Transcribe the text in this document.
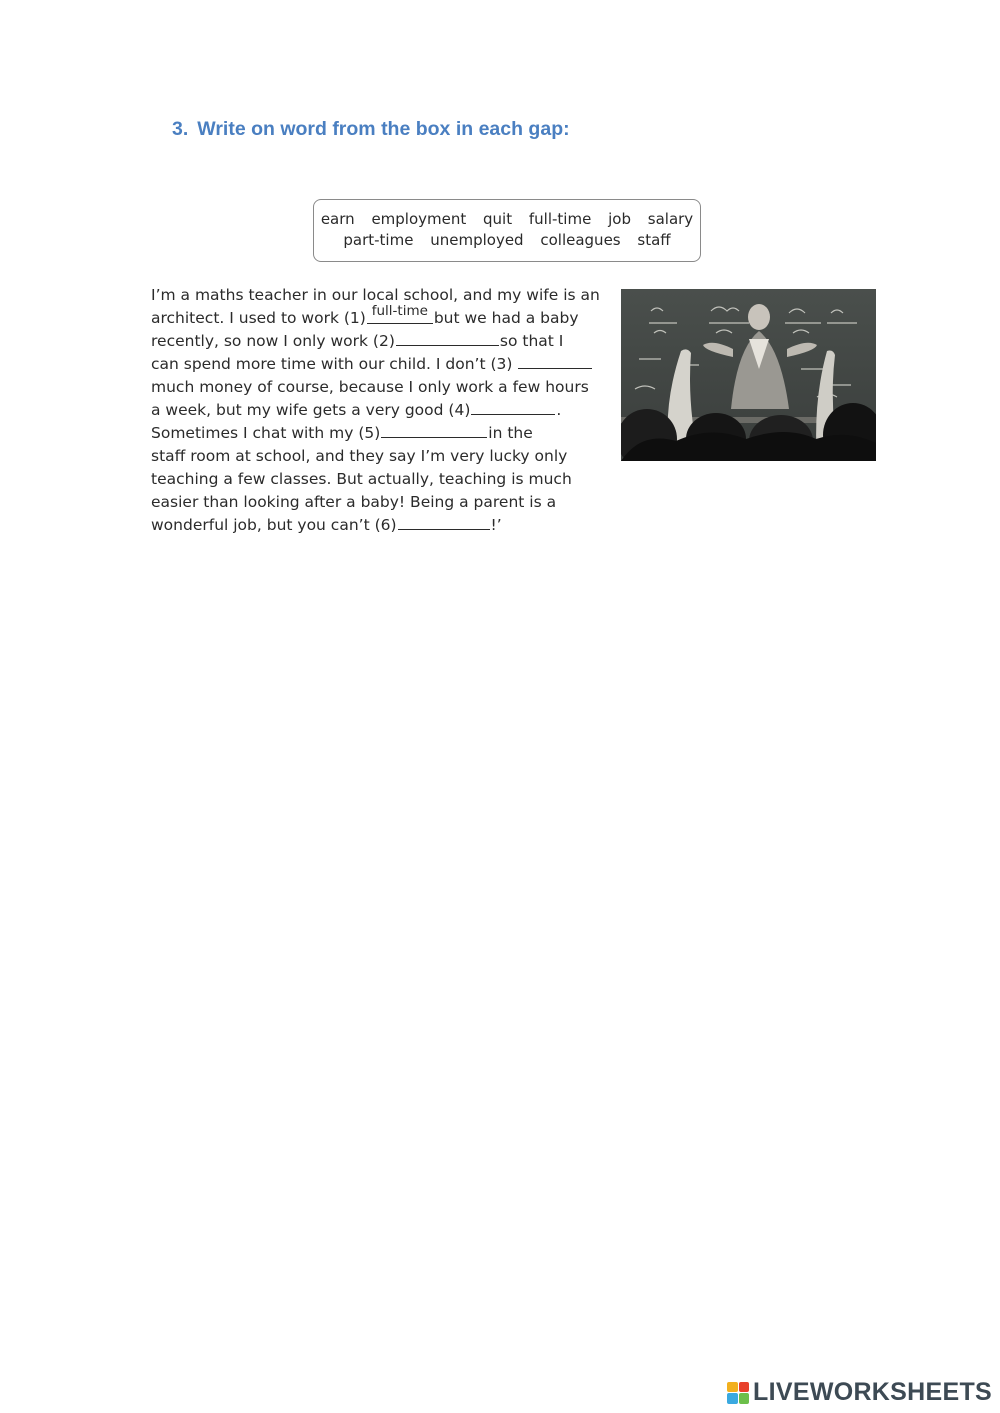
3. Write on word from the box in each gap:
earn employment quit full-time job salary
part-time unemployed colleagues staff
I’m a maths teacher in our local school, and my wife is an
architect. I used to work (1) full-time but we had a baby
recently, so now I only work (2)	so that I
can spend more time with our child. I don’t (3)
much money of course, because I only work a few hours
a week, but my wife gets a very good (4)	.
Sometimes I chat with my (5)	in the
staff room at school, and they say I’m very lucky only
teaching a few classes. But actually, teaching is much
easier than looking after a baby! Being a parent is a
wonderful job, but you can’t (6)	!’
LIVEWORKSHEETS
